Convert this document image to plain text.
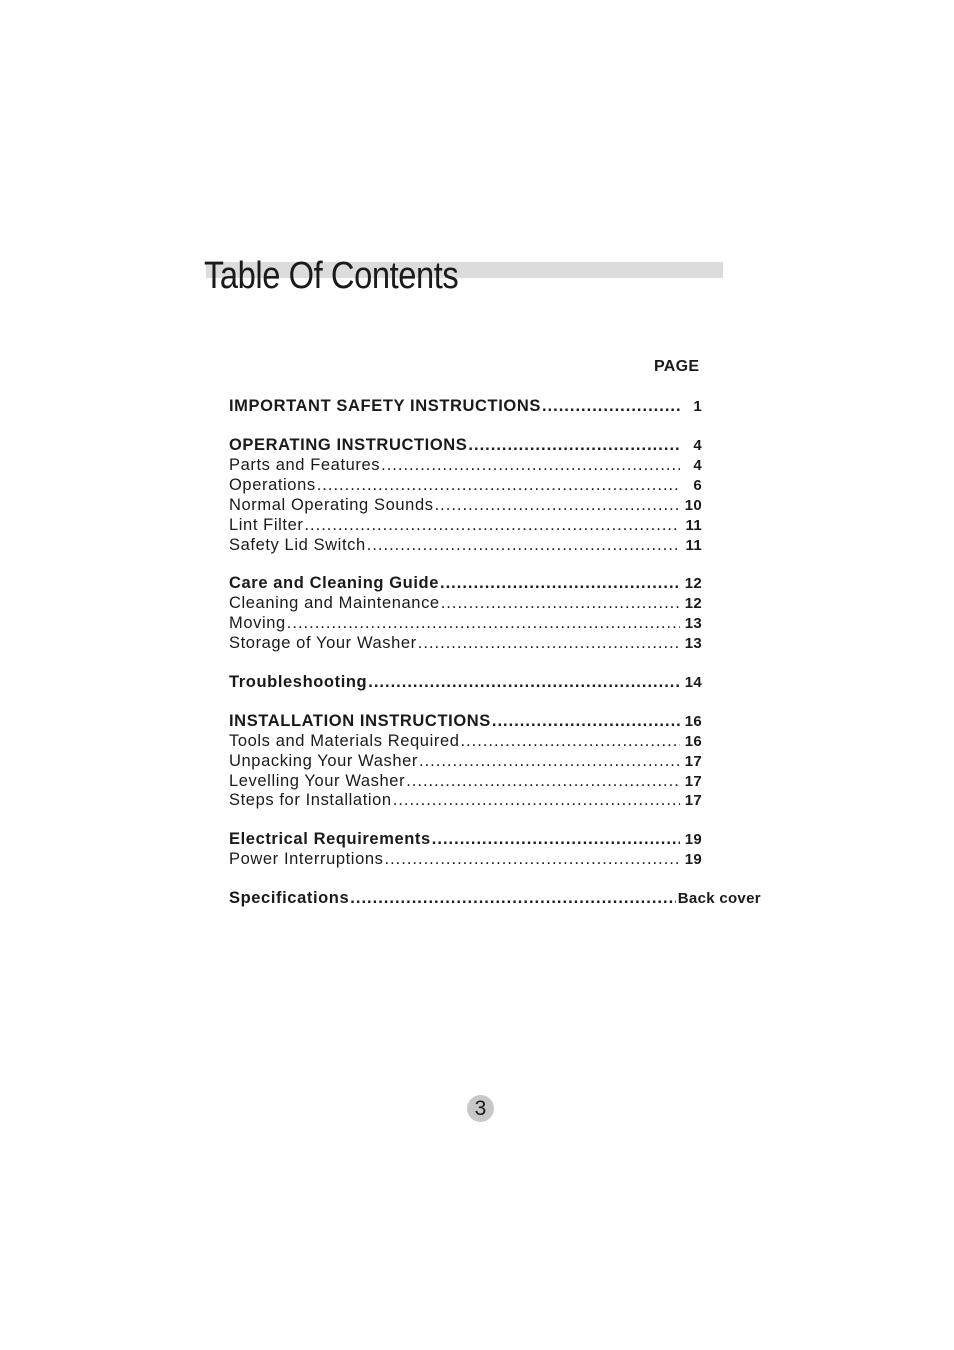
Table Of Contents
PAGE
IMPORTANT SAFETY INSTRUCTIONS .....	1
OPERATING INSTRUCTIONS .....	4
Parts and Features .....	4
Operations .....	6
Normal Operating Sounds .....	10
Lint Filter .....	11
Safety Lid Switch .....	11
Care and Cleaning Guide .....	12
Cleaning and Maintenance .....	12
Moving .....	13
Storage of Your Washer .....	13
Troubleshooting .....	14
INSTALLATION INSTRUCTIONS .....	16
Tools and Materials Required .....	16
Unpacking Your Washer .....	17
Levelling Your Washer .....	17
Steps for Installation .....	17
Electrical Requirements .....	19
Power Interruptions .....	19
Specifications .....	Back cover
3
